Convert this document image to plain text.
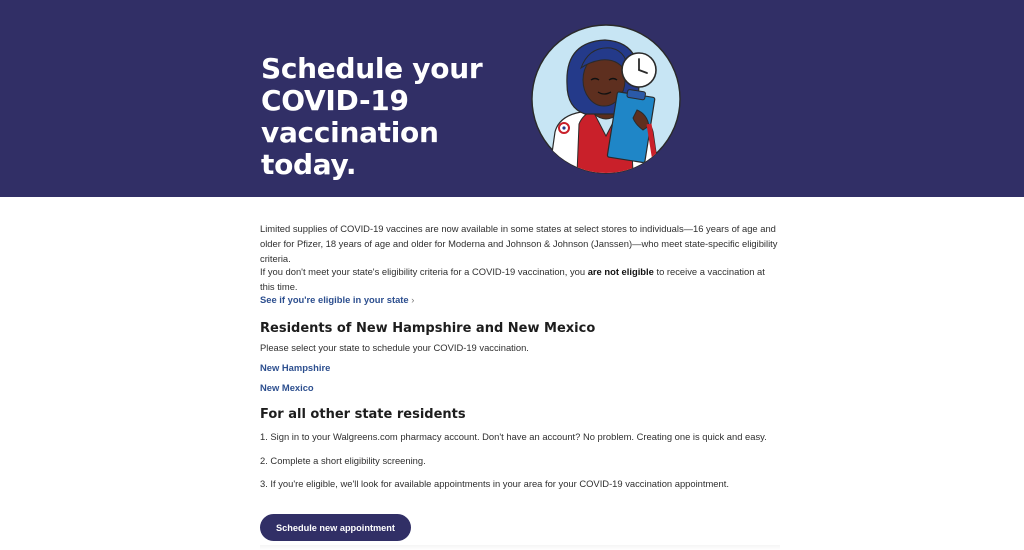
Schedule your
COVID-19
vaccination today.

Limited supplies of COVID-19 vaccines are now available in some states at select stores to individuals—16 years of age and older for Pfizer, 18 years of age and older for Moderna and Johnson & Johnson (Janssen)—who meet state-specific eligibility criteria.

If you don't meet your state's eligibility criteria for a COVID-19 vaccination, you are not eligible to receive a vaccination at this time.

See if you're eligible in your state ›
Residents of New Hampshire and New Mexico

Please select your state to schedule your COVID-19 vaccination.

New Hampshire
New Mexico
For all other state residents

1. Sign in to your Walgreens.com pharmacy account. Don't have an account? No problem. Creating one is quick and easy.

2. Complete a short eligibility screening.

3. If you're eligible, we'll look for available appointments in your area for your COVID-19 vaccination appointment.

Schedule new appointment
